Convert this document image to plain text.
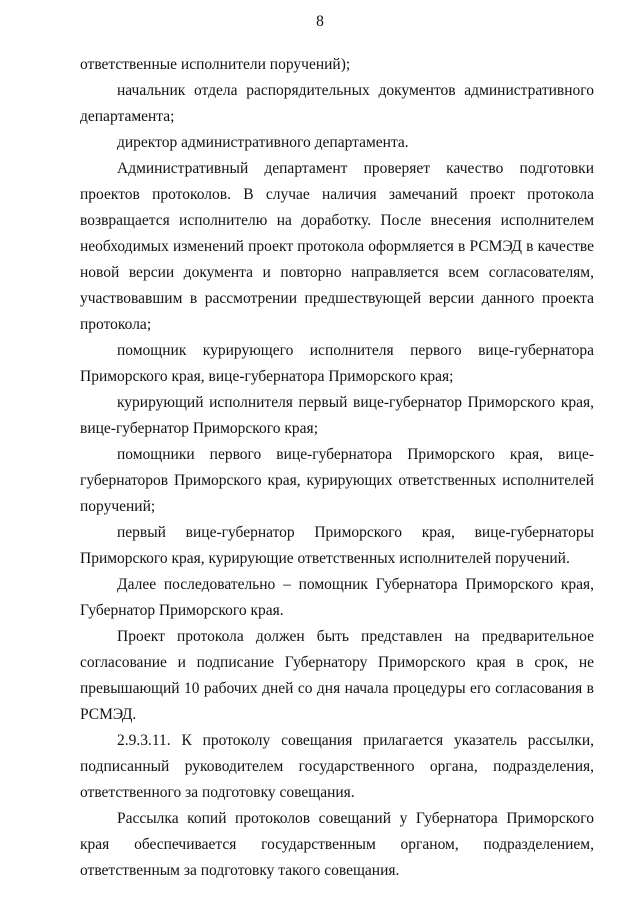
8

ответственные исполнители поручений);

начальник отдела распорядительных документов административного департамента;

директор административного департамента.

Административный департамент проверяет качество подготовки проектов протоколов. В случае наличия замечаний проект протокола возвращается исполнителю на доработку. После внесения исполнителем необходимых изменений проект протокола оформляется в РСМЭД в качестве новой версии документа и повторно направляется всем согласователям, участвовавшим в рассмотрении предшествующей версии данного проекта протокола;

помощник курирующего исполнителя первого вице-губернатора Приморского края, вице-губернатора Приморского края;

курирующий исполнителя первый вице-губернатор Приморского края, вице-губернатор Приморского края;

помощники первого вице-губернатора Приморского края, вице-губернаторов Приморского края, курирующих ответственных исполнителей поручений;

первый вице-губернатор Приморского края, вице-губернаторы Приморского края, курирующие ответственных исполнителей поручений.

Далее последовательно – помощник Губернатора Приморского края, Губернатор Приморского края.

Проект протокола должен быть представлен на предварительное согласование и подписание Губернатору Приморского края в срок, не превышающий 10 рабочих дней со дня начала процедуры его согласования в РСМЭД.

2.9.3.11. К протоколу совещания прилагается указатель рассылки, подписанный руководителем государственного органа, подразделения, ответственного за подготовку совещания.

Рассылка копий протоколов совещаний у Губернатора Приморского края обеспечивается государственным органом, подразделением, ответственным за подготовку такого совещания.
